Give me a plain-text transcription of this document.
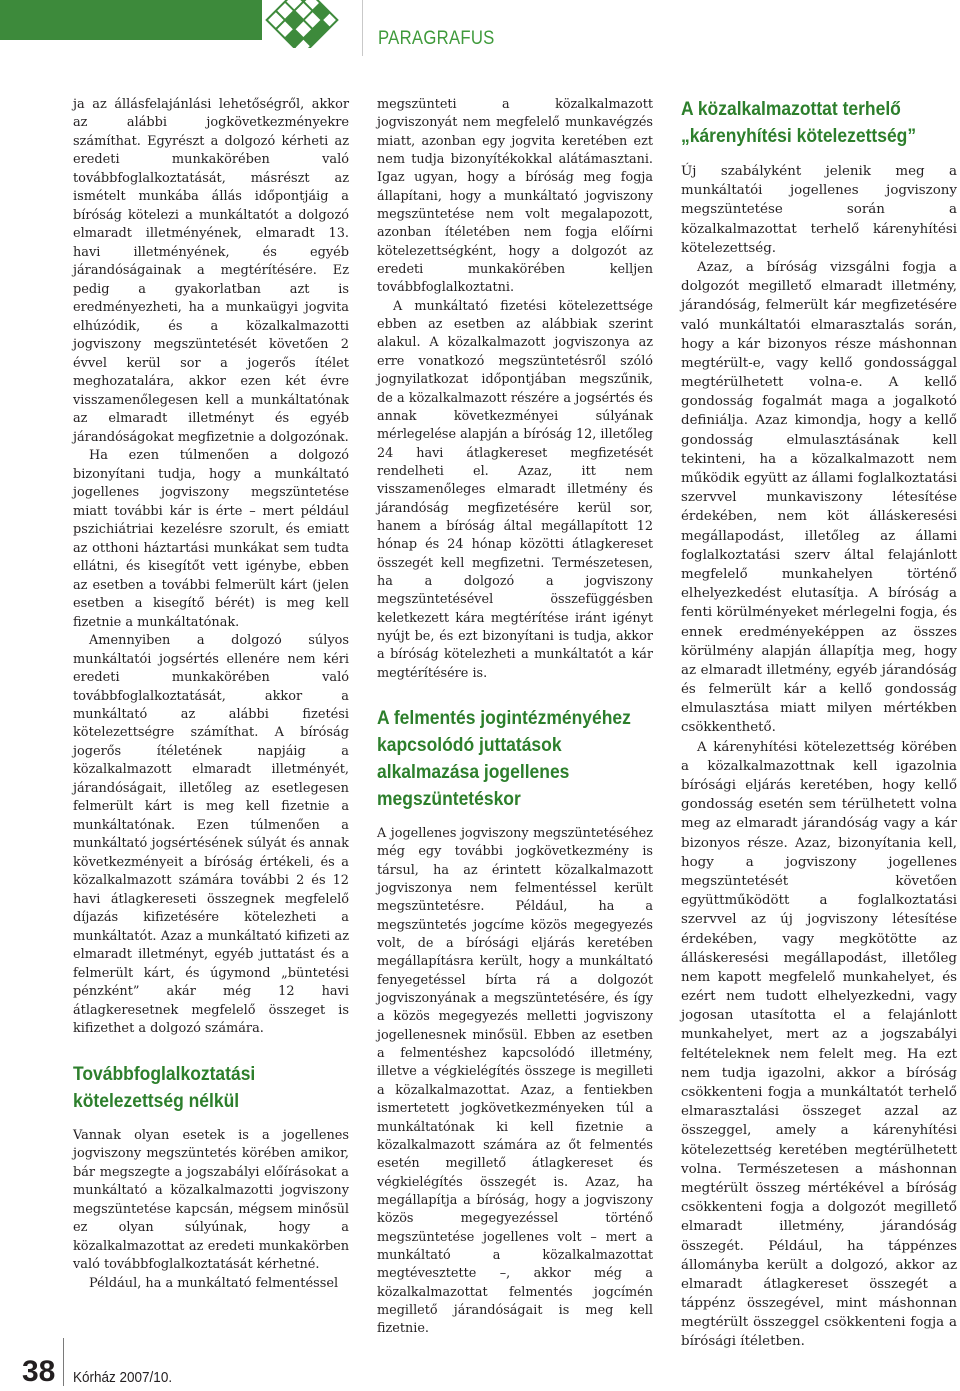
PARAGRAFUS

ja az állásfelajánlási lehetőségről, akkor az alábbi jogkövetkezményekre számíthat. Egyrészt a dolgozó kérheti az eredeti munkakörében való továbbfoglalkoztatását, másrészt az ismételt munkába állás időpontjáig a bíróság kötelezi a munkáltatót a dolgozó elmaradt illetményének, elmaradt 13. havi illetményének, és egyéb járandóságainak a megtérítésére. Ez pedig a gyakorlatban azt is eredményezheti, ha a munkaügyi jogvita elhúzódik, és a közalkalmazotti jogviszony megszüntetését követően 2 évvel kerül sor a jogerős ítélet meghozatalára, akkor ezen két évre visszamenőlegesen kell a munkáltatónak az elmaradt illetményt és egyéb járandóságokat megfizetnie a dolgozónak.

Ha ezen túlmenően a dolgozó bizonyítani tudja, hogy a munkáltató jogellenes jogviszony megszüntetése miatt további kár is érte – mert például pszichiátriai kezelésre szorult, és emiatt az otthoni háztartási munkákat sem tudta ellátni, és kisegítőt vett igénybe, ebben az esetben a további felmerült kárt (jelen esetben a kisegítő bérét) is meg kell fizetnie a munkáltatónak.

Amennyiben a dolgozó súlyos munkáltatói jogsértés ellenére nem kéri eredeti munkakörében való továbbfoglalkoztatását, akkor a munkáltató az alábbi fizetési kötelezettségre számíthat. A bíróság jogerős ítéletének napjáig a közalkalmazott elmaradt illetményét, járandóságait, illetőleg az esetlegesen felmerült kárt is meg kell fizetnie a munkáltatónak. Ezen túlmenően a munkáltató jogsértésének súlyát és annak következményeit a bíróság értékeli, és a közalkalmazott számára további 2 és 12 havi átlagkereseti összegnek megfelelő díjazás kifizetésére kötelezheti a munkáltatót. Azaz a munkáltató kifizeti az elmaradt illetményt, egyéb juttatást és a felmerült kárt, és úgymond „büntetési pénzként” akár még 12 havi átlagkeresetnek megfelelő összeget is kifizethet a dolgozó számára.

Továbbfoglalkoztatási kötelezettség nélkül

Vannak olyan esetek is a jogellenes jogviszony megszüntetés körében amikor, bár megszegte a jogszabályi előírásokat a munkáltató a közalkalmazotti jogviszony megszüntetése kapcsán, mégsem minősül ez olyan súlyúnak, hogy a közalkalmazottat az eredeti munkakörben való továbbfoglalkoztatását kérhetné.

Például, ha a munkáltató felmentéssel

megszünteti a közalkalmazott jogviszonyát nem megfelelő munkavégzés miatt, azonban egy jogvita keretében ezt nem tudja bizonyítékokkal alátámasztani. Igaz ugyan, hogy a bíróság meg fogja állapítani, hogy a munkáltató jogviszony megszüntetése nem volt megalapozott, azonban ítéletében nem fogja előírni kötelezettségként, hogy a dolgozót az eredeti munkakörében kelljen továbbfoglalkoztatni.

A munkáltató fizetési kötelezettsége ebben az esetben az alábbiak szerint alakul. A közalkalmazott jogviszonya az erre vonatkozó megszüntetésről szóló jognyilatkozat időpontjában megszűnik, de a közalkalmazott részére a jogsértés és annak következményei súlyának mérlegelése alapján a bíróság 12, illetőleg 24 havi átlagkereset megfizetését rendelheti el. Azaz, itt nem visszamenőleges elmaradt illetmény és járandóság megfizetésére kerül sor, hanem a bíróság által megállapított 12 hónap és 24 hónap közötti átlagkereset összegét kell megfizetni. Természetesen, ha a dolgozó a jogviszony megszüntetésével összefüggésben keletkezett kára megtérítése iránt igényt nyújt be, és ezt bizonyítani is tudja, akkor a bíróság kötelezheti a munkáltatót a kár megtérítésére is.

A felmentés jogintézményéhez kapcsolódó juttatások alkalmazása jogellenes megszüntetéskor

A jogellenes jogviszony megszüntetéséhez még egy további jogkövetkezmény is társul, ha az érintett közalkalmazott jogviszonya nem felmentéssel került megszüntetésre. Például, ha a megszüntetés jogcíme közös megegyezés volt, de a bírósági eljárás keretében megállapításra került, hogy a munkáltató fenyegetéssel bírta rá a dolgozót jogviszonyának a megszüntetésére, és így a közös megegyezés melletti jogviszony jogellenesnek minősül. Ebben az esetben a felmentéshez kapcsolódó illetmény, illetve a végkielégítés összege is megilleti a közalkalmazottat. Azaz, a fentiekben ismertetett jogkövetkezményeken túl a munkáltatónak ki kell fizetnie a közalkalmazott számára az őt felmentés esetén megillető átlagkereset és végkielégítés összegét is. Azaz, ha megállapítja a bíróság, hogy a jogviszony közös megegyezéssel történő megszüntetése jogellenes volt – mert a munkáltató a közalkalmazottat megtévesztette –, akkor még a közalkalmazottat felmentés jogcímén megillető járandóságait is meg kell fizetnie.

A közalkalmazottat terhelő „kárenyhítési kötelezettség”

Új szabályként jelenik meg a munkáltatói jogellenes jogviszony megszüntetése során a közalkalmazottat terhelő kárenyhítési kötelezettség.

Azaz, a bíróság vizsgálni fogja a dolgozót megillető elmaradt illetmény, járandóság, felmerült kár megfizetésére való munkáltatói elmarasztalás során, hogy a kár bizonyos része máshonnan megtérült-e, vagy kellő gondossággal megtérülhetett volna-e. A kellő gondosság fogalmát maga a jogalkotó definiálja. Azaz kimondja, hogy a kellő gondosság elmulasztásának kell tekinteni, ha a közalkalmazott nem működik együtt az állami foglalkoztatási szervvel munkaviszony létesítése érdekében, nem köt álláskeresési megállapodást, illetőleg az állami foglalkoztatási szerv által felajánlott megfelelő munkahelyen történő elhelyezkedést elutasítja. A bíróság a fenti körülményeket mérlegelni fogja, és ennek eredményeképpen az összes körülmény alapján állapítja meg, hogy az elmaradt illetmény, egyéb járandóság és felmerült kár a kellő gondosság elmulasztása miatt milyen mértékben csökkenthető.

A kárenyhítési kötelezettség körében a közalkalmazottnak kell igazolnia bírósági eljárás keretében, hogy kellő gondosság esetén sem térülhetett volna meg az elmaradt járandóság vagy a kár bizonyos része. Azaz, bizonyítania kell, hogy a jogviszony jogellenes megszüntetését követően együttműködött a foglalkoztatási szervvel az új jogviszony létesítése érdekében, vagy megkötötte az álláskeresési megállapodást, illetőleg nem kapott megfelelő munkahelyet, és ezért nem tudott elhelyezkedni, vagy jogosan utasította el a felajánlott munkahelyet, mert az a jogszabályi feltételeknek nem felelt meg. Ha ezt nem tudja igazolni, akkor a bíróság csökkenteni fogja a munkáltatót terhelő elmarasztalási összeget azzal az összeggel, amely a kárenyhítési kötelezettség keretében megtérülhetett volna. Természetesen a máshonnan megtérült összeg mértékével a bíróság csökkenteni fogja a dolgozót megillető elmaradt illetmény, járandóság összegét. Például, ha táppénzes állományba került a dolgozó, akkor az elmaradt átlagkereset összegét a táppénz összegével, mint máshonnan megtérült összeggel csökkenteni fogja a bírósági ítéletben.

38 Kórház 2007/10.
